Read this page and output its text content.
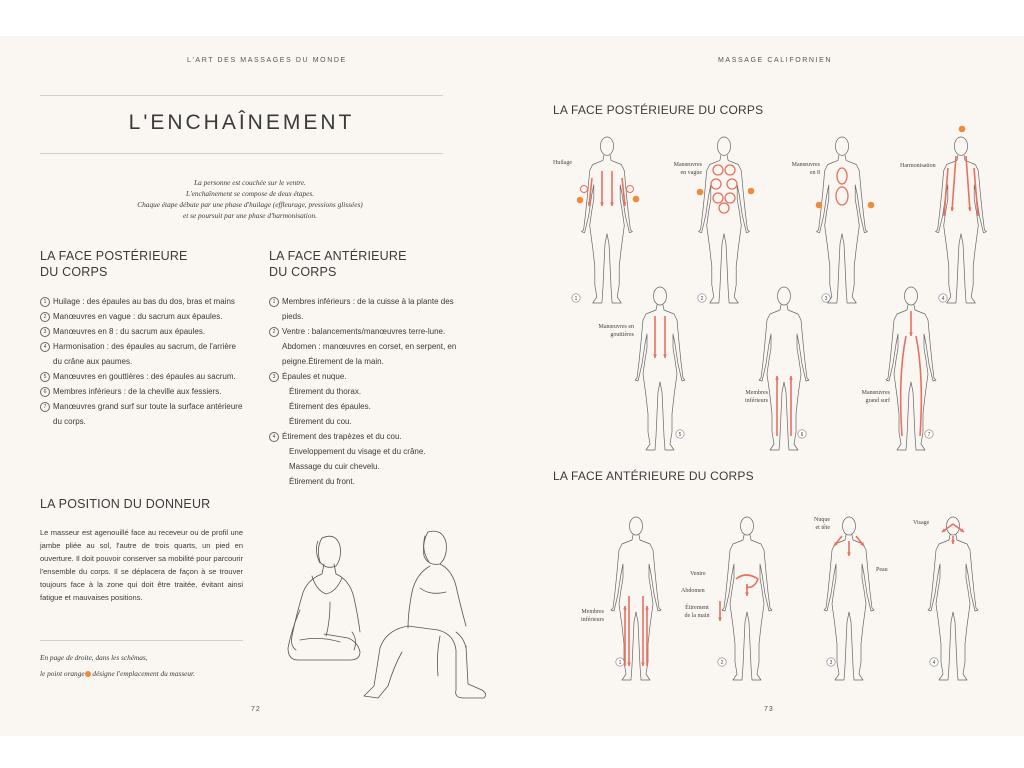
L'ART DES MASSAGES DU MONDE
L'ENCHAÎNEMENT
La personne est couchée sur le ventre.
L'enchaînement se compose de deux étapes.
Chaque étape débute par une phase d'huilage (effleurage, pressions glissées)
et se poursuit par une phase d'harmonisation.
LA FACE POSTÉRIEURE
DU CORPS
1 Huilage : des épaules au bas du dos, bras et mains
2 Manœuvres en vague : du sacrum aux épaules.
3 Manœuvres en 8 : du sacrum aux épaules.
4 Harmonisation : des épaules au sacrum, de l'arrière du crâne aux paumes.
5 Manœuvres en gouttières : des épaules au sacrum.
6 Membres inférieurs : de la cheville aux fessiers.
7 Manœuvres grand surf sur toute la surface antérieure du corps.
LA FACE ANTÉRIEURE
DU CORPS
1 Membres inférieurs : de la cuisse à la plante des pieds.
2 Ventre : balancements/manœuvres terre-lune. Abdomen : manœuvres en corset, en serpent, en peigne.Étirement de la main.
3 Épaules et nuque.
Étirement du thorax.
Étirement des épaules.
Étirement du cou.
4 Étirement des trapèzes et du cou.
Enveloppement du visage et du crâne.
Massage du cuir chevelu.
Étirement du front.
LA POSITION DU DONNEUR
Le masseur est agenouillé face au receveur ou de profil une jambe pliée au sol, l'autre de trois quarts, un pied en ouverture. Il doit pouvoir conserver sa mobilité pour parcourir l'ensemble du corps. Il se déplacera de façon à se trouver toujours face à la zone qui doit être traitée, évitant ainsi fatigue et mauvaises positions.
En page de droite, dans les schémas,
le point orange désigne l'emplacement du masseur.
72
MASSAGE CALIFORNIEN
LA FACE POSTÉRIEURE DU CORPS
LA FACE ANTÉRIEURE DU CORPS
1	2	3	4
5	6	7
1	2	3	4
Huilage	Manœuvres
en vague
Manœuvres
en 8
Harmonisation
Manœuvres en
gouttières
Membres
inférieurs
Manœuvres
grand surf
Membres
inférieurs
Ventre
Abdomen
Étirement
de la main
Nuque
et tête
Peau
Visage
73
